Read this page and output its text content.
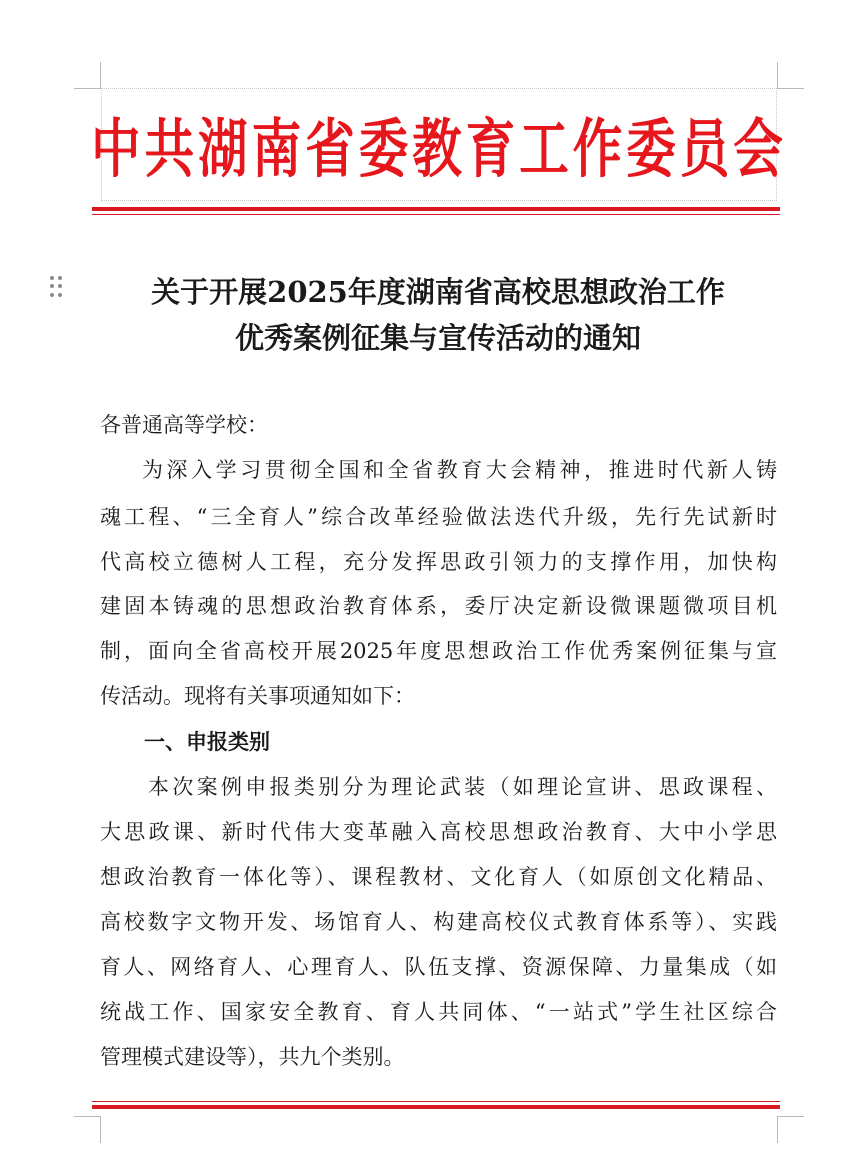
中共湖南省委教育工作委员会
关于开展2025年度湖南省高校思想政治工作
优秀案例征集与宣传活动的通知
各普通高等学校：
为深入学习贯彻全国和全省教育大会精神，推进时代新人铸
魂工程、“三全育人”综合改革经验做法迭代升级，先行先试新时
代高校立德树人工程，充分发挥思政引领力的支撑作用，加快构
建固本铸魂的思想政治教育体系，委厅决定新设微课题微项目机
制，面向全省高校开展2025年度思想政治工作优秀案例征集与宣
传活动。现将有关事项通知如下：
一、申报类别
本次案例申报类别分为理论武装（如理论宣讲、思政课程、
大思政课、新时代伟大变革融入高校思想政治教育、大中小学思
想政治教育一体化等）、课程教材、文化育人（如原创文化精品、
高校数字文物开发、场馆育人、构建高校仪式教育体系等）、实践
育人、网络育人、心理育人、队伍支撑、资源保障、力量集成（如
统战工作、国家安全教育、育人共同体、“一站式”学生社区综合
管理模式建设等），共九个类别。
